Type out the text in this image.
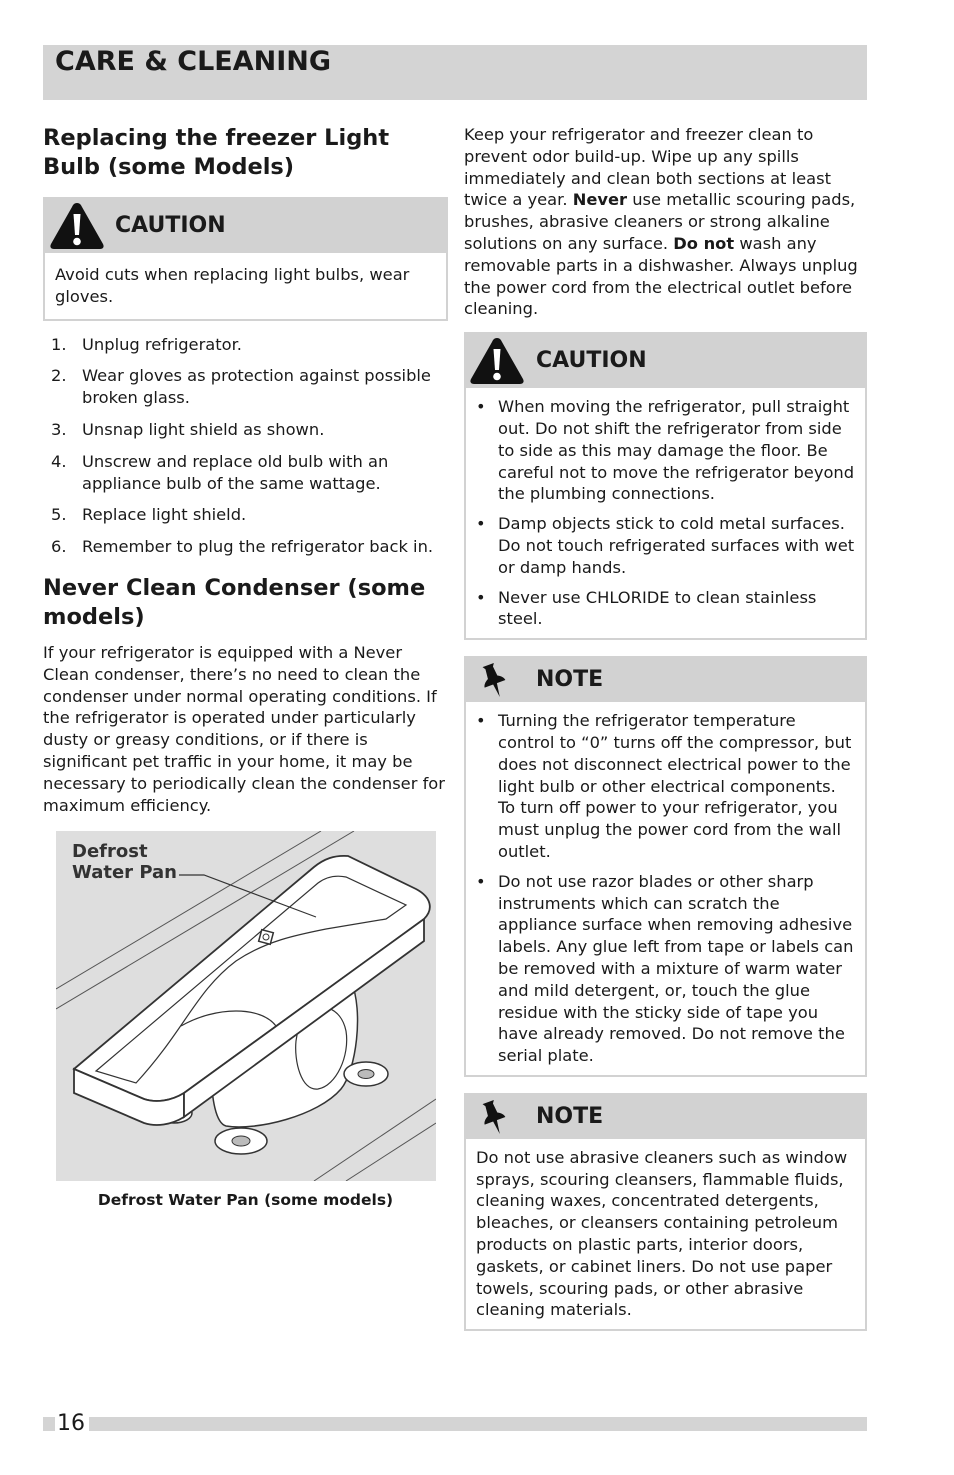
CARE & CLEANING
Replacing the freezer Light Bulb (some Models)
CAUTION

Avoid cuts when replacing light bulbs, wear gloves.

1. Unplug refrigerator.
2. Wear gloves as protection against possible broken glass.
3. Unsnap light shield as shown.
4. Unscrew and replace old bulb with an appliance bulb of the same wattage.
5. Replace light shield.
6. Remember to plug the refrigerator back in.
Never Clean Condenser (some models)

If your refrigerator is equipped with a Never Clean condenser, there’s no need to clean the condenser under normal operating conditions. If the refrigerator is operated under particularly dusty or greasy conditions, or if there is significant pet traffic in your home, it may be necessary to periodically clean the condenser for maximum efficiency.

Defrost
Water Pan
Defrost Water Pan (some models)

Keep your refrigerator and freezer clean to prevent odor build-up. Wipe up any spills immediately and clean both sections at least twice a year. Never use metallic scouring pads, brushes, abrasive cleaners or strong alkaline solutions on any surface. Do not wash any removable parts in a dishwasher. Always unplug the power cord from the electrical outlet before cleaning.

CAUTION
• When moving the refrigerator, pull straight out. Do not shift the refrigerator from side to side as this may damage the floor. Be careful not to move the refrigerator beyond the plumbing connections.
• Damp objects stick to cold metal surfaces. Do not touch refrigerated surfaces with wet or damp hands.
• Never use CHLORIDE to clean stainless steel.
NOTE
• Turning the refrigerator temperature control to “0” turns off the compressor, but does not disconnect electrical power to the light bulb or other electrical components. To turn off power to your refrigerator, you must unplug the power cord from the wall outlet.
• Do not use razor blades or other sharp instruments which can scratch the appliance surface when removing adhesive labels. Any glue left from tape or labels can be removed with a mixture of warm water and mild detergent, or, touch the glue residue with the sticky side of tape you have already removed. Do not remove the serial plate.
NOTE

Do not use abrasive cleaners such as window sprays, scouring cleansers, flammable fluids, cleaning waxes, concentrated detergents, bleaches, or cleansers containing petroleum products on plastic parts, interior doors, gaskets, or cabinet liners. Do not use paper towels, scouring pads, or other abrasive cleaning materials.

16
